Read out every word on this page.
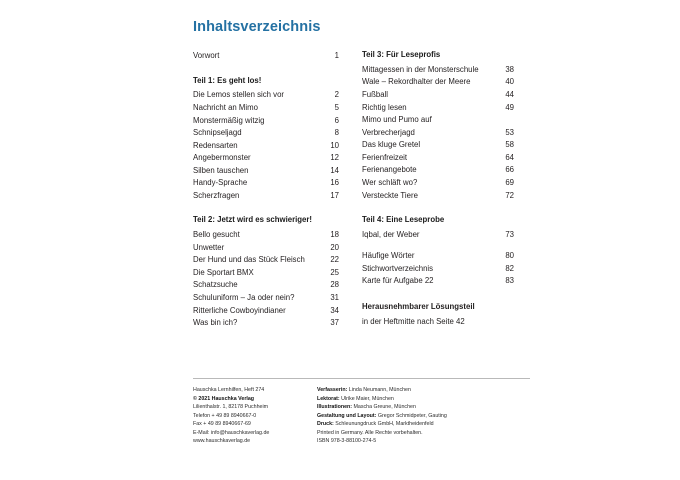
Inhaltsverzeichnis
Vorwort	1
Teil 1: Es geht los!
Die Lemos stellen sich vor	2
Nachricht an Mimo	5
Monstermäßig witzig	6
Schnipseljagd	8
Redensarten	10
Angebermonster	12
Silben tauschen	14
Handy-Sprache	16
Scherzfragen	17
Teil 2: Jetzt wird es schwieriger!
Bello gesucht	18
Unwetter	20
Der Hund und das Stück Fleisch	22
Die Sportart BMX	25
Schatzsuche	28
Schuluniform – Ja oder nein?	31
Ritterliche Cowboyindianer	34
Was bin ich?	37
Teil 3: Für Leseprofis
Mittagessen in der Monsterschule	38
Wale – Rekordhalter der Meere	40
Fußball	44
Richtig lesen	49
Mimo und Pumo auf
Verbrecherjagd	53
Das kluge Gretel	58
Ferienfreizeit	64
Ferienangebote	66
Wer schläft wo?	69
Versteckte Tiere	72
Teil 4: Eine Leseprobe
Iqbal, der Weber	73
Häufige Wörter	80
Stichwortverzeichnis	82
Karte für Aufgabe 22	83
Herausnehmbarer Lösungsteil
in der Heftmitte nach Seite 42
Hauschka Lernhilfen, Heft 274
© 2021 Hauschka Verlag
Lilienthalstr. 1, 82178 Puchheim
Telefon + 49 89 8940667-0
Fax + 49 89 8940667-69
E-Mail: info@hauschkaverlag.de
www.hauschkaverlag.de
Verfasserin: Linda Neumann, München
Lektorat: Ulrike Maier, München
Illustrationen: Mascha Greune, München
Gestaltung und Layout: Gregor Schmidpeter, Gauting
Druck: Schleunungdruck GmbH, Marktheidenfeld
Printed in Germany. Alle Rechte vorbehalten.
ISBN 978-3-88100-274-5
